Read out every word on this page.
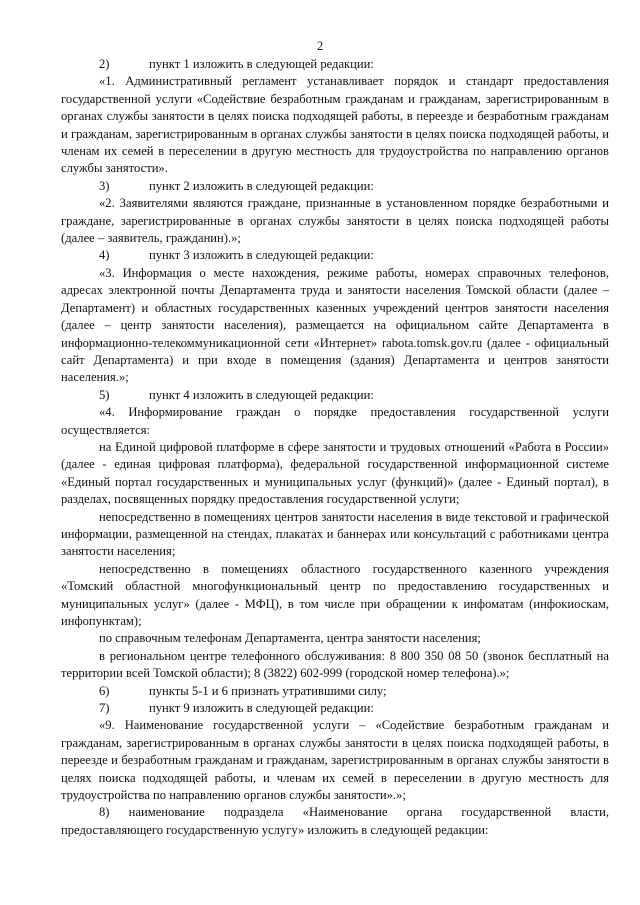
2
2)	пункт 1 изложить в следующей редакции:

«1. Административный регламент устанавливает порядок и стандарт предоставления государственной услуги «Содействие безработным гражданам и гражданам, зарегистрированным в органах службы занятости в целях поиска подходящей работы, в переезде и безработным гражданам и гражданам, зарегистрированным в органах службы занятости в целях поиска подходящей работы, и членам их семей в переселении в другую местность для трудоустройства по направлению органов службы занятости».

3)	пункт 2 изложить в следующей редакции:

«2. Заявителями являются граждане, признанные в установленном порядке безработными и граждане, зарегистрированные в органах службы занятости в целях поиска подходящей работы (далее – заявитель, гражданин).»;

4)	пункт 3 изложить в следующей редакции:

«3. Информация о месте нахождения, режиме работы, номерах справочных телефонов, адресах электронной почты Департамента труда и занятости населения Томской области (далее – Департамент) и областных государственных казенных учреждений центров занятости населения (далее – центр занятости населения), размещается на официальном сайте Департамента в информационно-телекоммуникационной сети «Интернет» rabota.tomsk.gov.ru (далее - официальный сайт Департамента) и при входе в помещения (здания) Департамента и центров занятости населения.»;

5)	пункт 4 изложить в следующей редакции:

«4. Информирование граждан о порядке предоставления государственной услуги осуществляется:

на Единой цифровой платформе в сфере занятости и трудовых отношений «Работа в России» (далее - единая цифровая платформа), федеральной государственной информационной системе «Единый портал государственных и муниципальных услуг (функций)» (далее - Единый портал), в разделах, посвященных порядку предоставления государственной услуги;

непосредственно в помещениях центров занятости населения в виде текстовой и графической информации, размещенной на стендах, плакатах и баннерах или консультаций с работниками центра занятости населения;

непосредственно в помещениях областного государственного казенного учреждения «Томский областной многофункциональный центр по предоставлению государственных и муниципальных услуг» (далее - МФЦ), в том числе при обращении к инфоматам (инфокиоскам, инфопунктам);

по справочным телефонам Департамента, центра занятости населения;

в региональном центре телефонного обслуживания: 8 800 350 08 50 (звонок бесплатный на территории всей Томской области); 8 (3822) 602-999 (городской номер телефона).»;

6)	пункты 5-1 и 6 признать утратившими силу;
7)	пункт 9 изложить в следующей редакции:

«9. Наименование государственной услуги – «Содействие безработным гражданам и гражданам, зарегистрированным в органах службы занятости в целях поиска подходящей работы, в переезде и безработным гражданам и гражданам, зарегистрированным в органах службы занятости в целях поиска подходящей работы, и членам их семей в переселении в другую местность для трудоустройства по направлению органов службы занятости».»;

8) наименование подраздела «Наименование органа государственной власти, предоставляющего государственную услугу» изложить в следующей редакции:
